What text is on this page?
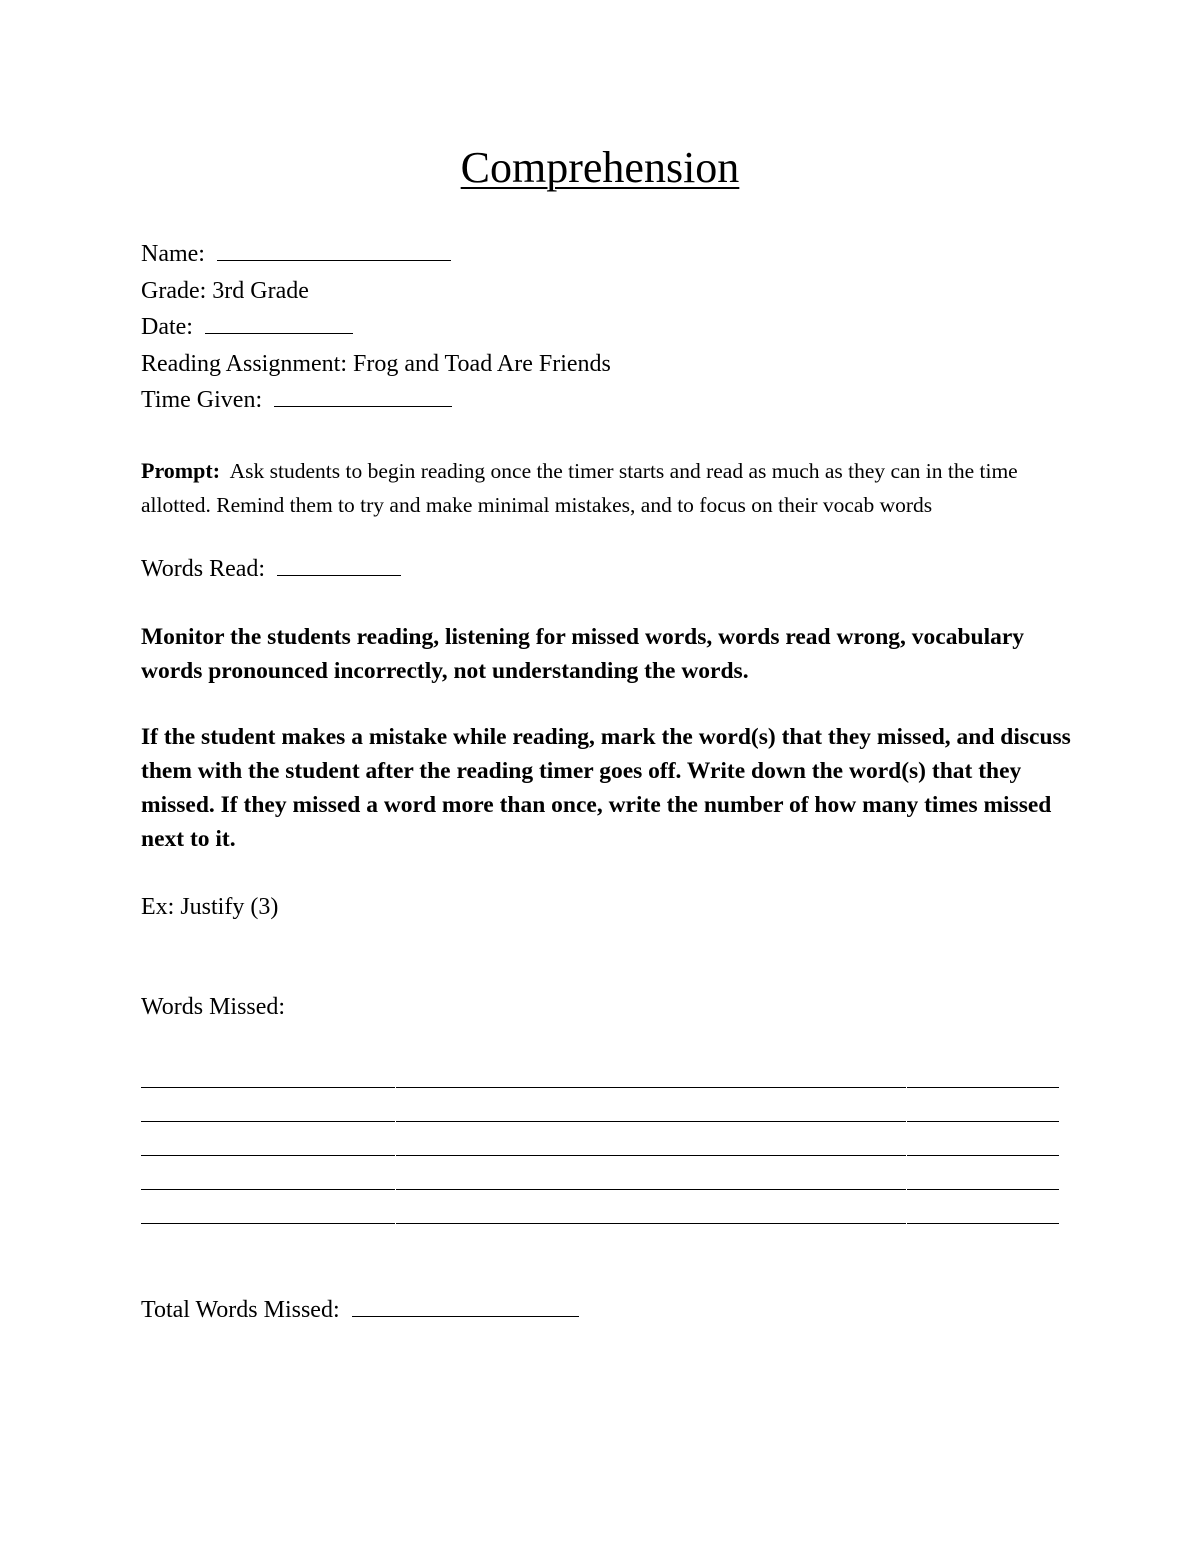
Comprehension
Name:
Grade: 3rd Grade
Date:
Reading Assignment: Frog and Toad Are Friends
Time Given:
Prompt: Ask students to begin reading once the timer starts and read as much as they can in the time allotted. Remind them to try and make minimal mistakes, and to focus on their vocab words
Words Read:
Monitor the students reading, listening for missed words, words read wrong, vocabulary words pronounced incorrectly, not understanding the words.
If the student makes a mistake while reading, mark the word(s) that they missed, and discuss them with the student after the reading timer goes off. Write down the word(s) that they missed. If they missed a word more than once, write the number of how many times missed next to it.
Ex: Justify (3)
Words Missed:
Total Words Missed:
